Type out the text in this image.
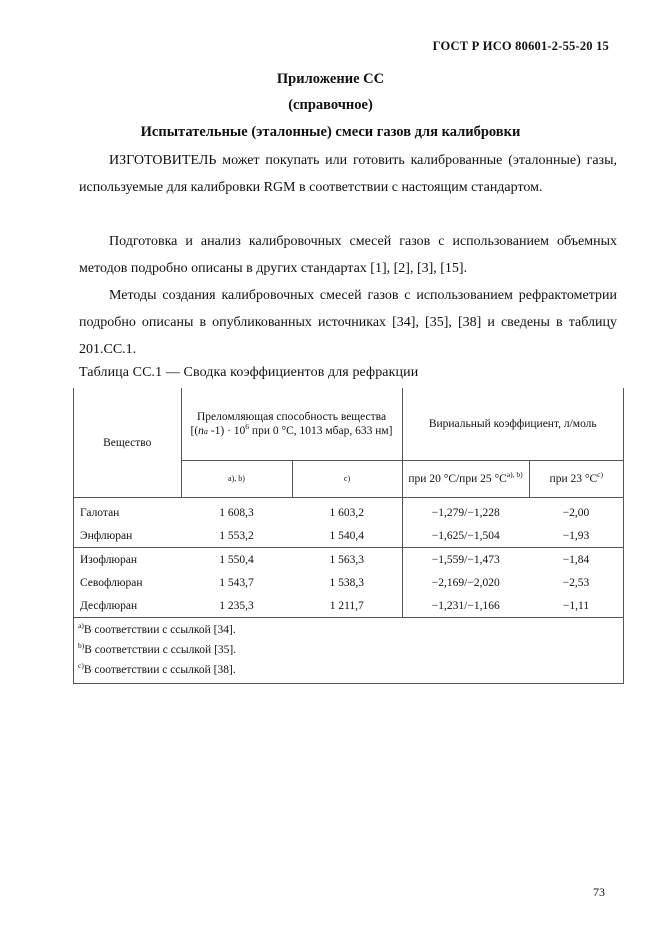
ГОСТ Р ИСО 80601-2-55-20 15
Приложение СС
(справочное)
Испытательные (эталонные) смеси газов для калибровки

ИЗГОТОВИТЕЛЬ может покупать или готовить калиброванные (эталонные) газы, используемые для калибровки RGM в соответствии с настоящим стандартом.

Подготовка и анализ калибровочных смесей газов с использованием объемных методов подробно описаны в других стандартах [1], [2], [3], [15].

Методы создания калибровочных смесей газов с использованием рефрактометрии подробно описаны в опубликованных источниках [34], [35], [38] и сведены в таблицу 201.CC.1.

Таблица CC.1 — Сводка коэффициентов для рефракции
Вещество	Преломляющая способность вещества
[(na $-1) \cdot 10^6$ при 0 °C, 1013 мбар, 633 нм]		Вириальный коэффициент, л/моль	
	a), b)	c)	при 20 °C/при 25 $^\circ C^{a), b)}$	при 23 $^\circ C^{c)}$
Галотан	1 608,3	1 603,2	−1,279/−1,228	−2,00
Энфлюран	1 553,2	1 540,4	−1,625/−1,504	−1,93
Изофлюран	1 550,4	1 563,3	−1,559/−1,473	−1,84
Севофлюран	1 543,7	1 538,3	−2,169/−2,020	−2,53
Десфлюран	1 235,3	1 211,7	−1,231/−1,166	−1,11

$^{a)}$В соответствии с ссылкой [34].
$^{b)}$В соответствии с ссылкой [35].
$^{c)}$В соответствии с ссылкой [38].				
73
